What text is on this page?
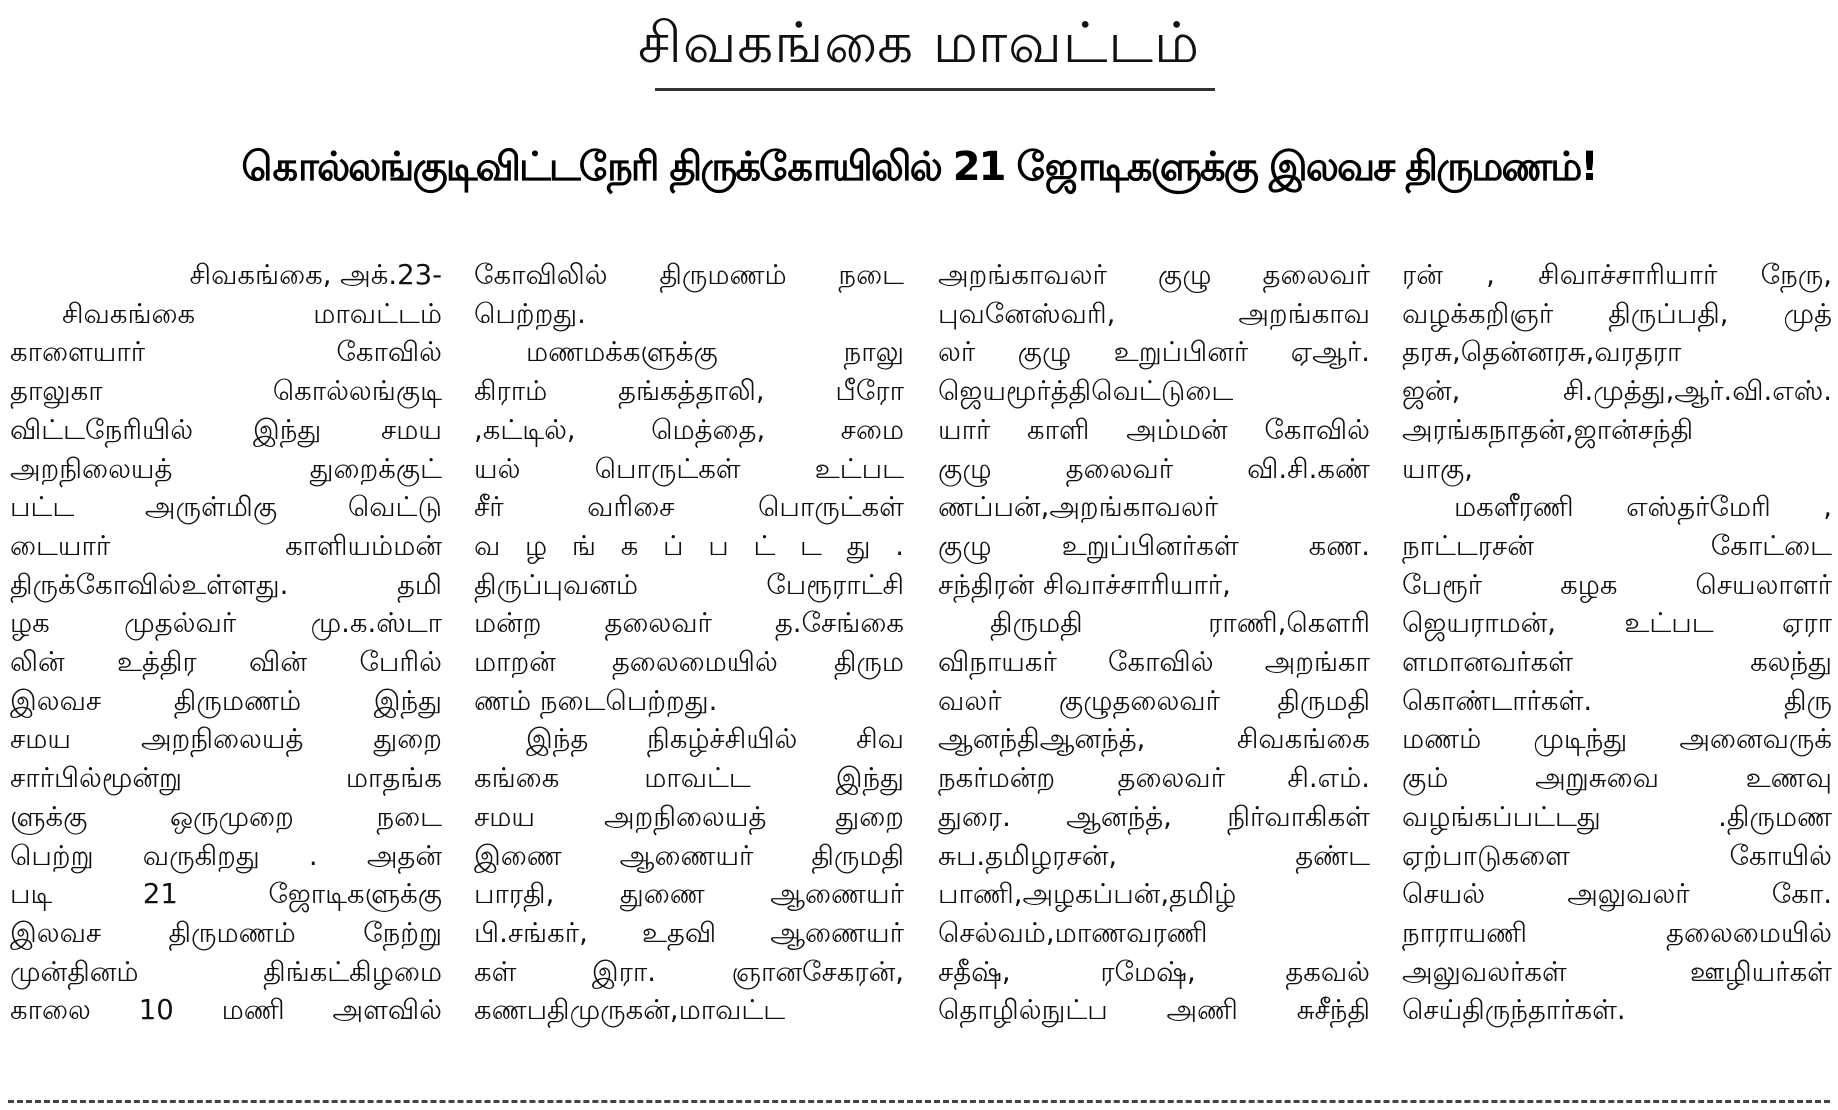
சிவகங்கை மாவட்டம்
கொல்லங்குடிவிட்டநேரி திருக்கோயிலில் 21 ஜோடிகளுக்கு இலவச திருமணம்!
சிவகங்கை, அக்.23-
சிவகங்கை மாவட்டம்
காளையார் கோவில்
தாலுகா கொல்லங்குடி
விட்டநேரியில் இந்து சமய
அறநிலையத் துறைக்குட்
பட்ட அருள்மிகு வெட்டு
டையார் காளியம்மன்
திருக்கோவில்உள்ளது. தமி
ழக முதல்வர் மு.க.ஸ்டா
லின் உத்திர வின் பேரில்
இலவச திருமணம் இந்து
சமய அறநிலையத் துறை
சார்பில்மூன்று மாதங்க
ளுக்கு ஒருமுறை நடை
பெற்று வருகிறது . அதன்
படி 21 ஜோடிகளுக்கு
இலவச திருமணம் நேற்று
முன்தினம் திங்கட்கிழமை
காலை 10 மணி அளவில்
கோவிலில் திருமணம் நடை
பெற்றது.
மணமக்களுக்கு நாலு
கிராம் தங்கத்தாலி, பீரோ
,கட்டில், மெத்தை, சமை
யல் பொருட்கள் உட்பட
சீர் வரிசை பொருட்கள்
வ ழ ங் க ப் ப ட் ட து .
திருப்புவனம் பேரூராட்சி
மன்ற தலைவர் த.சேங்கை
மாறன் தலைமையில் திரும
ணம் நடைபெற்றது.
இந்த நிகழ்ச்சியில் சிவ
கங்கை மாவட்ட இந்து
சமய அறநிலையத் துறை
இணை ஆணையர் திருமதி
பாரதி, துணை ஆணையர்
பி.சங்கர், உதவி ஆணையர்
கள் இரா. ஞானசேகரன்,
கணபதிமுருகன்,மாவட்ட
அறங்காவலர் குழு தலைவர்
புவனேஸ்வரி, அறங்காவ
லர் குழு உறுப்பினர் ஏஆர்.
ஜெயமூர்த்திவெட்டுடை
யார் காளி அம்மன் கோவில்
குழு தலைவர் வி.சி.கண்
ணப்பன்,அறங்காவலர்
குழு உறுப்பினர்கள் கண.
சந்திரன் சிவாச்சாரியார்,
திருமதி ராணி,கௌரி
விநாயகர் கோவில் அறங்கா
வலர் குழுதலைவர் திருமதி
ஆனந்திஆனந்த், சிவகங்கை
நகர்மன்ற தலைவர் சி.எம்.
துரை. ஆனந்த், நிர்வாகிகள்
சுப.தமிழரசன், தண்ட
பாணி,அழகப்பன்,தமிழ்
செல்வம்,மாணவரணி
சதீஷ், ரமேஷ், தகவல்
தொழில்நுட்ப அணி சுசீந்தி
ரன் , சிவாச்சாரியார் நேரு,
வழக்கறிஞர் திருப்பதி, முத்
தரசு,தென்னரசு,வரதரா
ஜன், சி.முத்து,ஆர்.வி.எஸ்.
அரங்கநாதன்,ஜான்சந்தி
யாகு,
மகளீரணி எஸ்தர்மேரி ,
நாட்டரசன் கோட்டை
பேரூர் கழக செயலாளர்
ஜெயராமன், உட்பட ஏரா
ளமானவர்கள் கலந்து
கொண்டார்கள். திரு
மணம் முடிந்து அனைவருக்
கும் அறுசுவை உணவு
வழங்கப்பட்டது .திருமண
ஏற்பாடுகளை கோயில்
செயல் அலுவலர் கோ.
நாராயணி தலைமையில்
அலுவலர்கள் ஊழியர்கள்
செய்திருந்தார்கள்.
